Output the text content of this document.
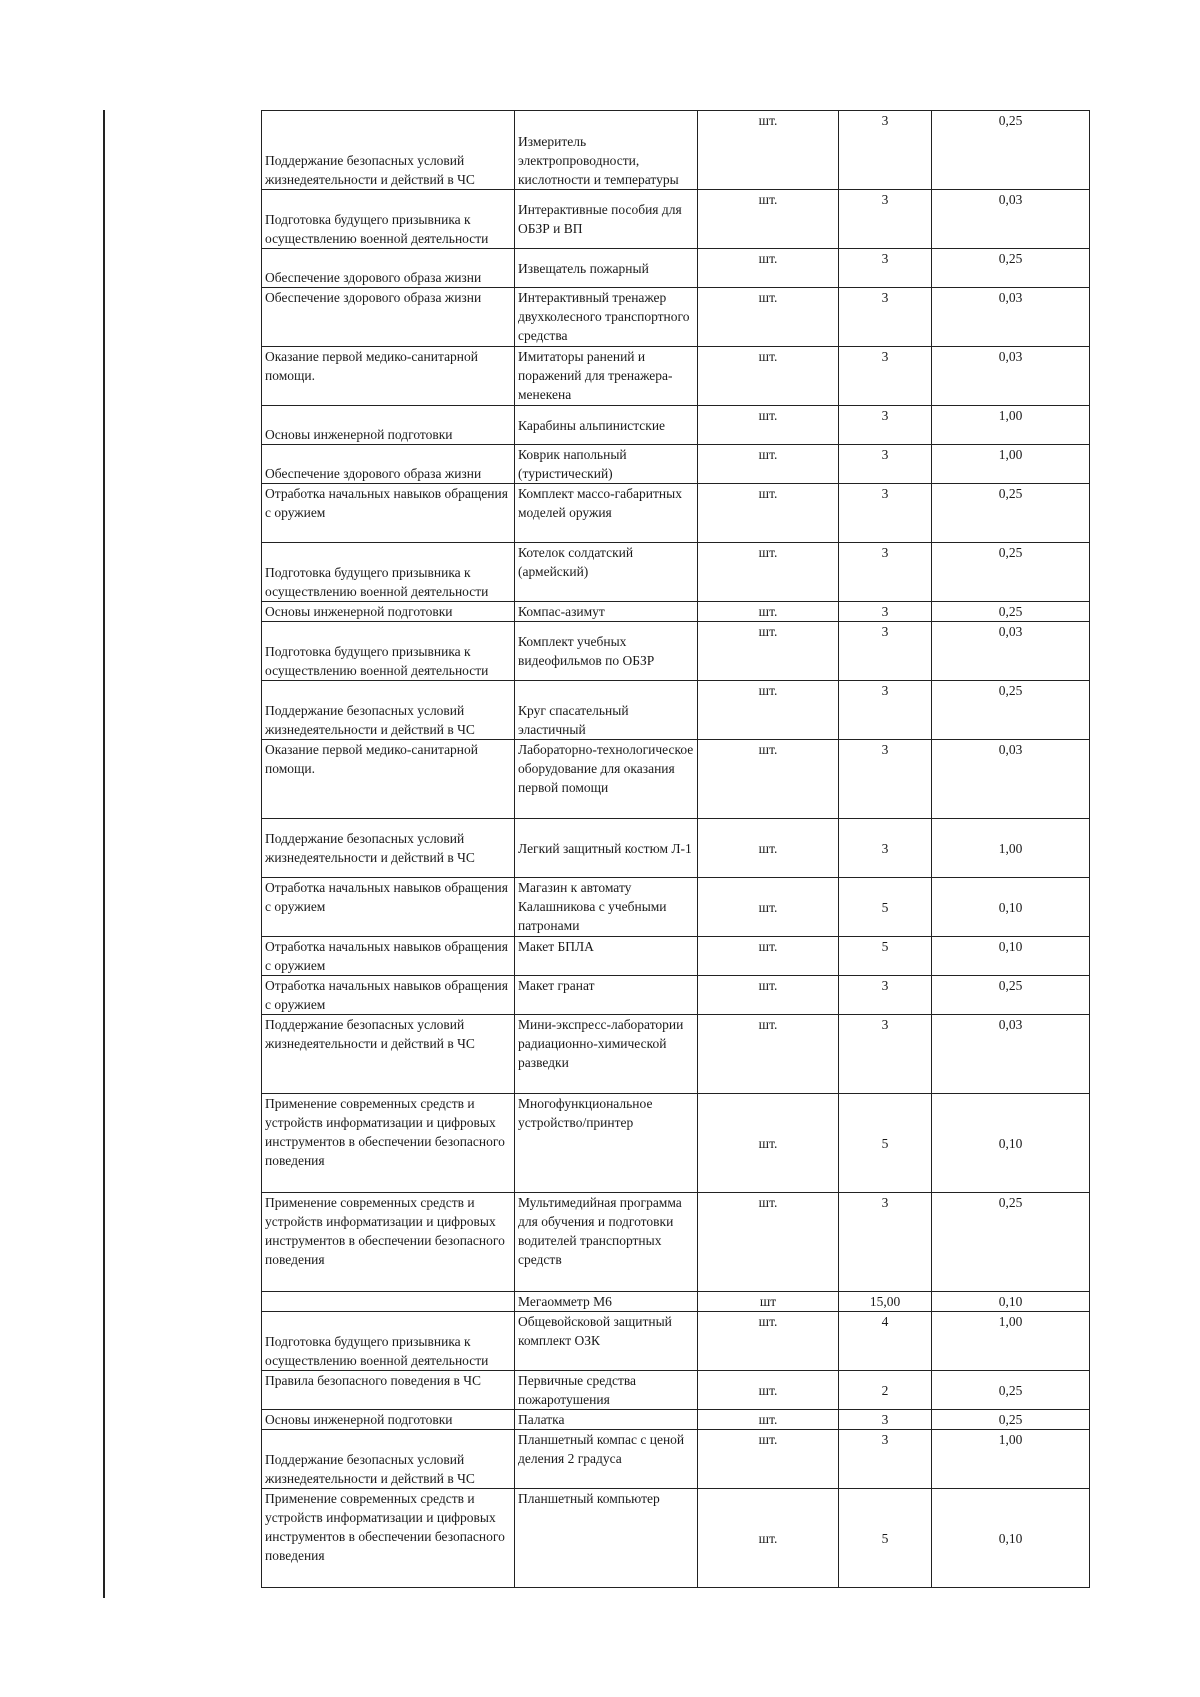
Поддержание безопасных условий жизнедеятельности и действий в ЧС	Измеритель электропроводности, кислотности и температуры	шт.	3	0,25
Подготовка будущего призывника к осуществлению военной деятельности	Интерактивные пособия для ОБЗР и ВП	шт.	3	0,03
Обеспечение здорового образа жизни	Извещатель пожарный	шт.	3	0,25
Обеспечение здорового образа жизни	Интерактивный тренажер двухколесного транспортного средства	шт.	3	0,03
Оказание первой медико-санитарной помощи.	Имитаторы ранений и поражений для тренажера-менекена	шт.	3	0,03
Основы инженерной подготовки	Карабины альпинистские	шт.	3	1,00
Обеспечение здорового образа жизни	Коврик напольный (туристический)	шт.	3	1,00
Отработка начальных навыков обращения с оружием	Комплект массо-габаритных моделей оружия	шт.	3	0,25
Подготовка будущего призывника к осуществлению военной деятельности	Котелок солдатский (армейский)	шт.	3	0,25
Основы инженерной подготовки	Компас-азимут	шт.	3	0,25
Подготовка будущего призывника к осуществлению военной деятельности	Комплект учебных видеофильмов по ОБЗР	шт.	3	0,03
Поддержание безопасных условий жизнедеятельности и действий в ЧС	Круг спасательный эластичный	шт.	3	0,25
Оказание первой медико-санитарной помощи.	Лабораторно-технологическое оборудование для оказания первой помощи	шт.	3	0,03
Поддержание безопасных условий жизнедеятельности и действий в ЧС	Легкий защитный костюм Л-1	шт.	3	1,00
Отработка начальных навыков обращения с оружием	Магазин к автомату Калашникова с учебными патронами	шт.	5	0,10
Отработка начальных навыков обращения с оружием	Макет БПЛА	шт.	5	0,10
Отработка начальных навыков обращения с оружием	Макет гранат	шт.	3	0,25
Поддержание безопасных условий жизнедеятельности и действий в ЧС	Мини-экспресс-лаборатории радиационно-химической разведки	шт.	3	0,03
Применение современных средств и устройств информатизации и цифровых инструментов в обеспечении безопасного поведения	Многофункциональное устройство/принтер	шт.	5	0,10
Применение современных средств и устройств информатизации и цифровых инструментов в обеспечении безопасного поведения	Мультимедийная программа для обучения и подготовки водителей транспортных средств	шт.	3	0,25
	Мегаомметр М6	шт	15,00	0,10
Подготовка будущего призывника к осуществлению военной деятельности	Общевойсковой защитный комплект ОЗК	шт.	4	1,00
Правила безопасного поведения в ЧС	Первичные средства пожаротушения	шт.	2	0,25
Основы инженерной подготовки	Палатка	шт.	3	0,25
Поддержание безопасных условий жизнедеятельности и действий в ЧС	Планшетный компас с ценой деления 2 градуса	шт.	3	1,00
Применение современных средств и устройств информатизации и цифровых инструментов в обеспечении безопасного поведения	Планшетный компьютер	шт.	5	0,10
